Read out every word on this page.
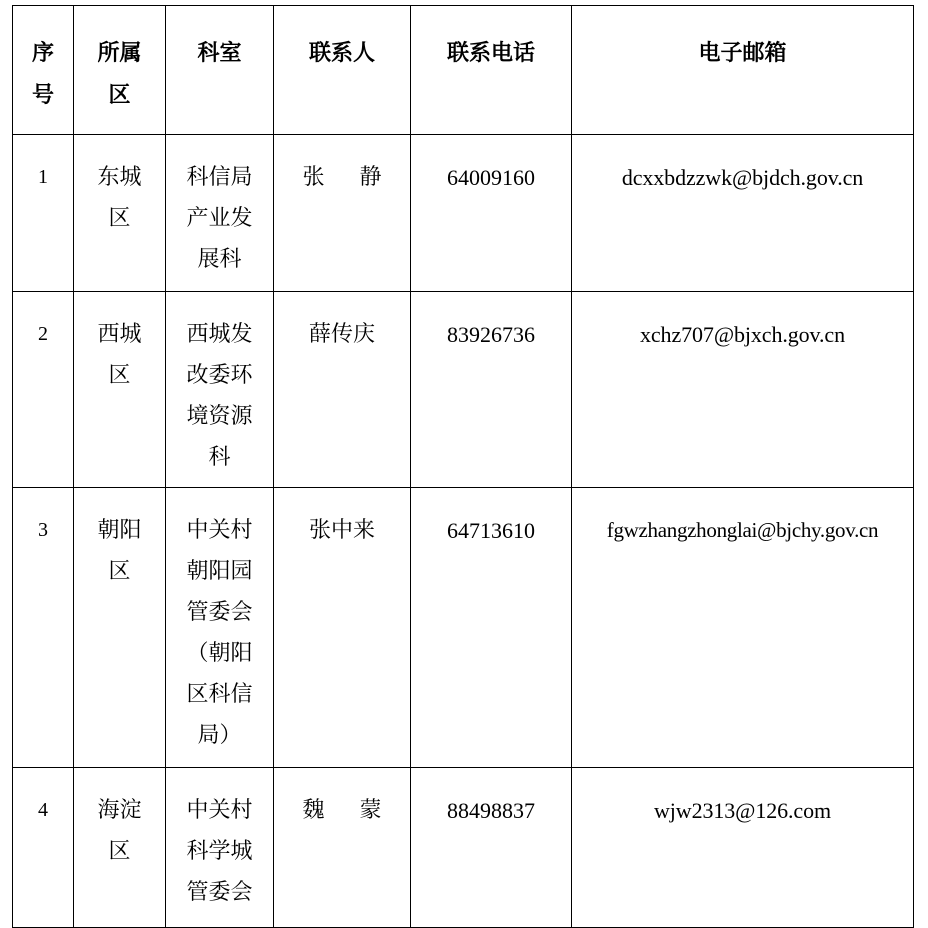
序号	所属区	科室	联系人	联系电话	电子邮箱

1	东城区	科信局产业发展科	张 静	64009160	dcxxbdzzwk@bjdch.gov.cn

2	西城区	西城发改委环境资源科	薛传庆	83926736	xchz707@bjxch.gov.cn

3	朝阳区	中关村朝阳园管委会（朝阳区科信局）	张中来	64713610	fgwzhangzhonglai@bjchy.gov.cn

4	海淀区	中关村科学城管委会	魏 蒙	88498837	wjw2313@126.com
